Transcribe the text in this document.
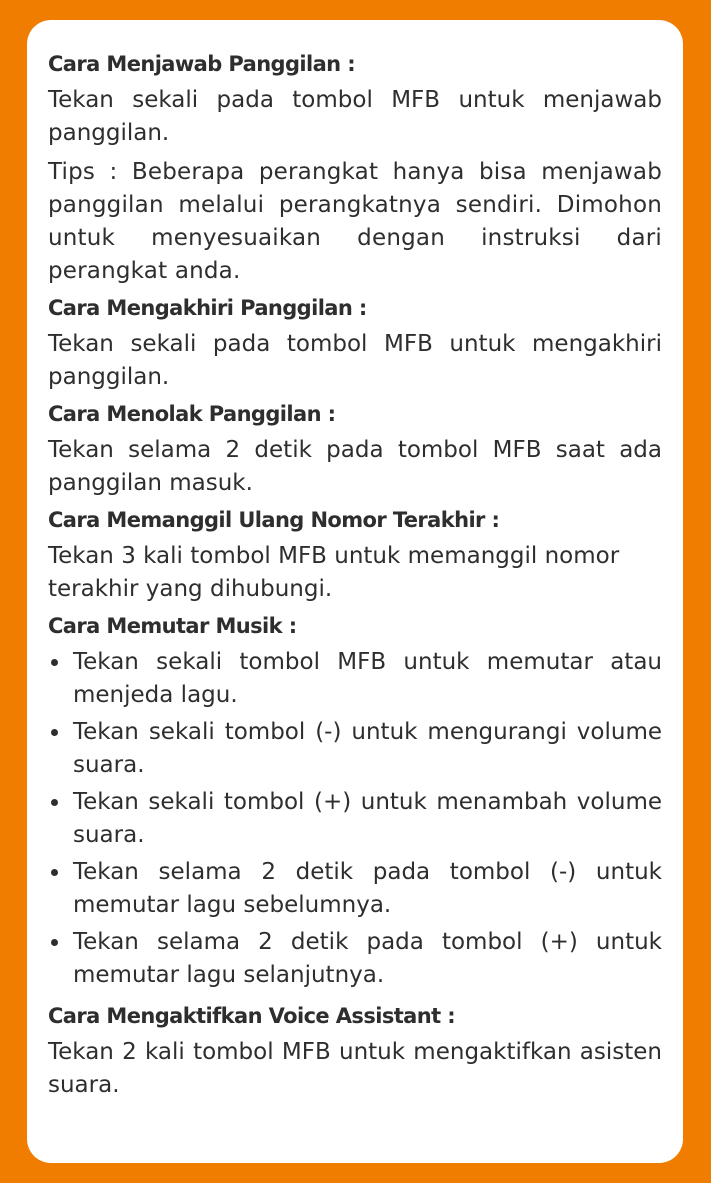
Cara Menjawab Panggilan :

Tekan sekali pada tombol MFB untuk menjawab panggilan.

Tips : Beberapa perangkat hanya bisa menjawab panggilan melalui perangkatnya sendiri. Dimohon untuk menyesuaikan dengan instruksi dari perangkat anda.

Cara Mengakhiri Panggilan :

Tekan sekali pada tombol MFB untuk mengakhiri panggilan.

Cara Menolak Panggilan :

Tekan selama 2 detik pada tombol MFB saat ada panggilan masuk.

Cara Memanggil Ulang Nomor Terakhir :

Tekan 3 kali tombol MFB untuk memanggil nomor terakhir yang dihubungi.

Cara Memutar Musik :
Tekan sekali tombol MFB untuk memutar atau menjeda lagu.
Tekan sekali tombol (-) untuk mengurangi volume suara.
Tekan sekali tombol (+) untuk menambah volume suara.
Tekan selama 2 detik pada tombol (-) untuk memutar lagu sebelumnya.
Tekan selama 2 detik pada tombol (+) untuk memutar lagu selanjutnya.
Cara Mengaktifkan Voice Assistant :

Tekan 2 kali tombol MFB untuk mengaktifkan asisten suara.
